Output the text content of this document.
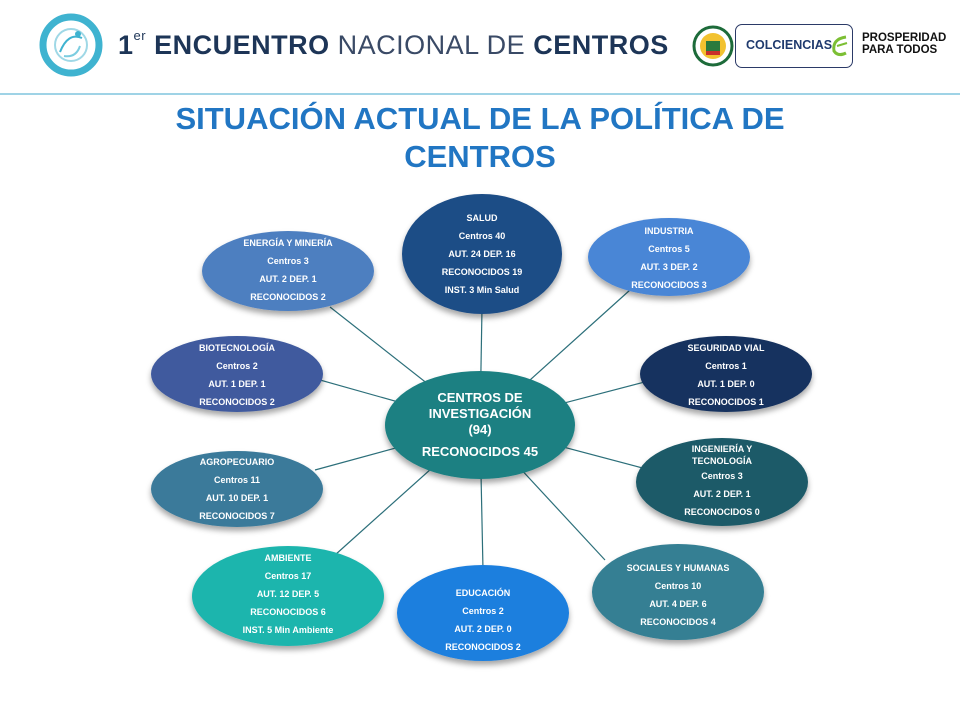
1er ENCUENTRO NACIONAL DE CENTROS	COLCIENCIAS	PROSPERIDAD
PARA TODOS
SITUACIÓN ACTUAL DE LA POLÍTICA DE
CENTROS
CENTROS DE
INVESTIGACIÓN
(94)
RECONOCIDOS 45
SALUD
Centros 40
AUT. 24 DEP. 16
RECONOCIDOS 19
INST. 3 Min Salud
INDUSTRIA
Centros 5
AUT. 3 DEP. 2
RECONOCIDOS 3
SEGURIDAD VIAL
Centros 1
AUT. 1 DEP. 0
RECONOCIDOS 1
INGENIERÍA Y
TECNOLOGÍA
Centros 3
AUT. 2 DEP. 1
RECONOCIDOS 0
SOCIALES Y HUMANAS
Centros 10
AUT. 4 DEP. 6
RECONOCIDOS 4
EDUCACIÓN
Centros 2
AUT. 2 DEP. 0
RECONOCIDOS 2
AMBIENTE
Centros 17
AUT. 12 DEP. 5
RECONOCIDOS 6
INST. 5 Min Ambiente
AGROPECUARIO
Centros 11
AUT. 10 DEP. 1
RECONOCIDOS 7
BIOTECNOLOGÍA
Centros 2
AUT. 1 DEP. 1
RECONOCIDOS 2
ENERGÍA Y MINERÍA
Centros 3
AUT. 2 DEP. 1
RECONOCIDOS 2
